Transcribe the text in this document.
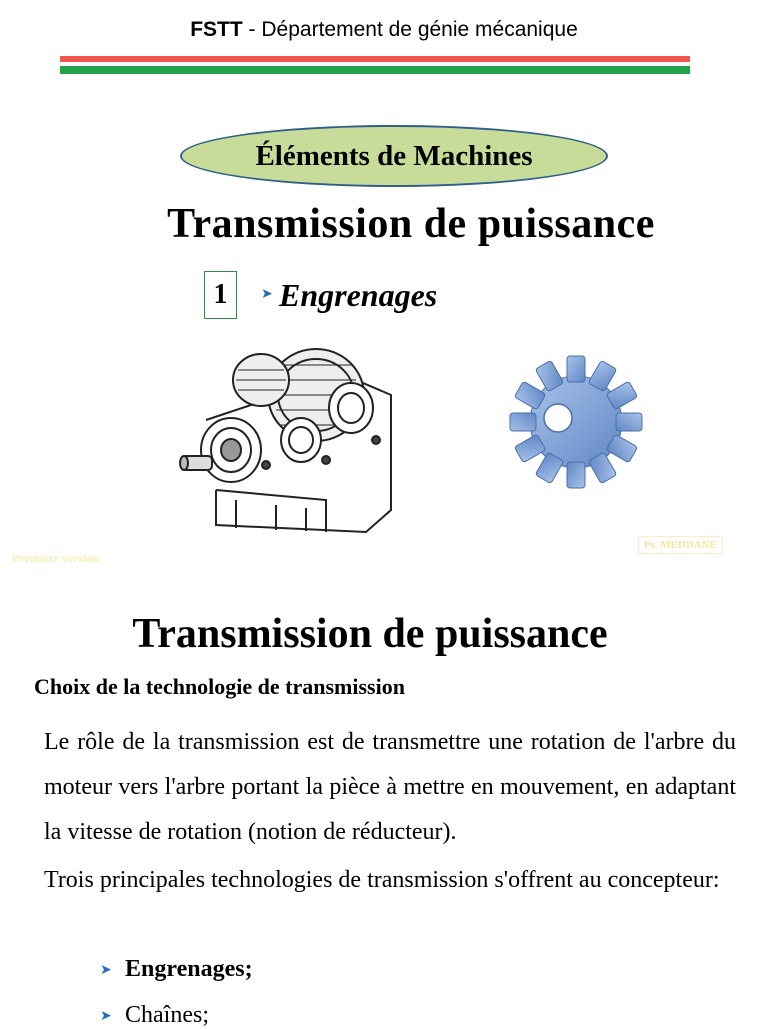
FSTT - Département de génie mécanique
Éléments de Machines
Transmission de puissance
1 ➤ Engrenages
Première version
Pr. MEDDANE
Transmission de puissance
Choix de la technologie de transmission
Le rôle de la transmission est de transmettre une rotation de l'arbre du moteur vers l'arbre portant la pièce à mettre en mouvement, en adaptant la vitesse de rotation (notion de réducteur).
Trois principales technologies de transmission s'offrent au concepteur:
➤ Engrenages;
➤ Chaînes;
